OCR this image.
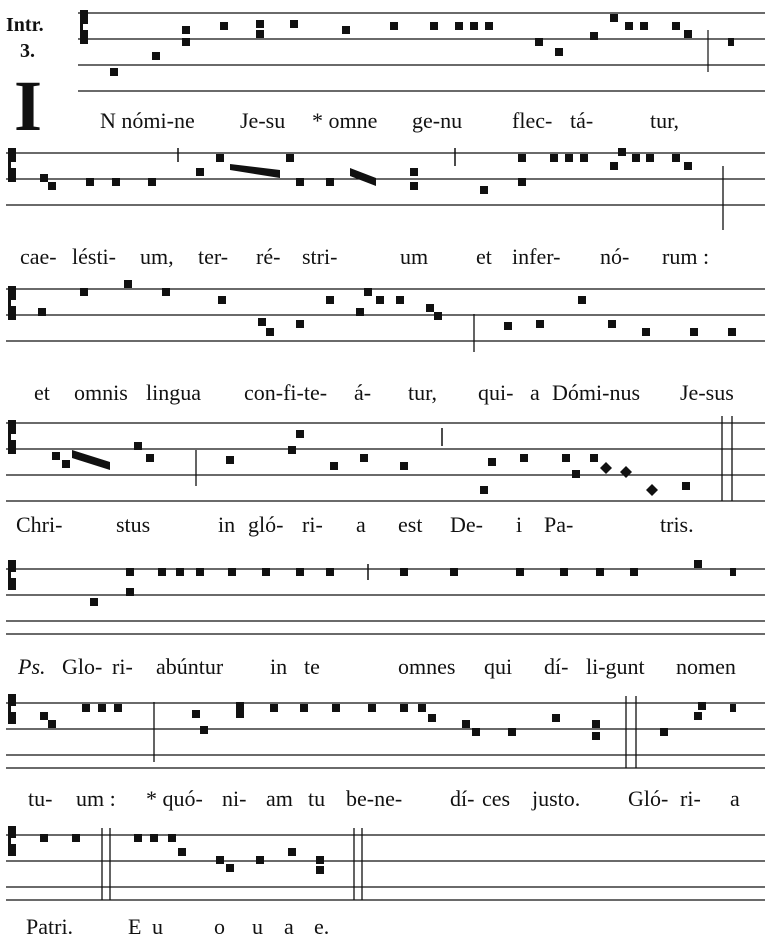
Intr.
3.
I	N nómi-ne Je-su * omne ge-nu flec- tá-	tur,
cae- lésti- um, ter- ré- stri-	um et infer- nó- rum :
et omnis lingua con-fi-te- á- tur, qui- a Dómi-nus Je-sus
Chri- stus	in gló- ri- a est De- i Pa-	tris.
Ps. Glo- ri- abúntur in te	omnes qui dí- li-gunt nomen
tu- um : * quó- ni- am tu be-ne- dí- ces justo. Gló- ri- a
Patri. E u o u a e.
